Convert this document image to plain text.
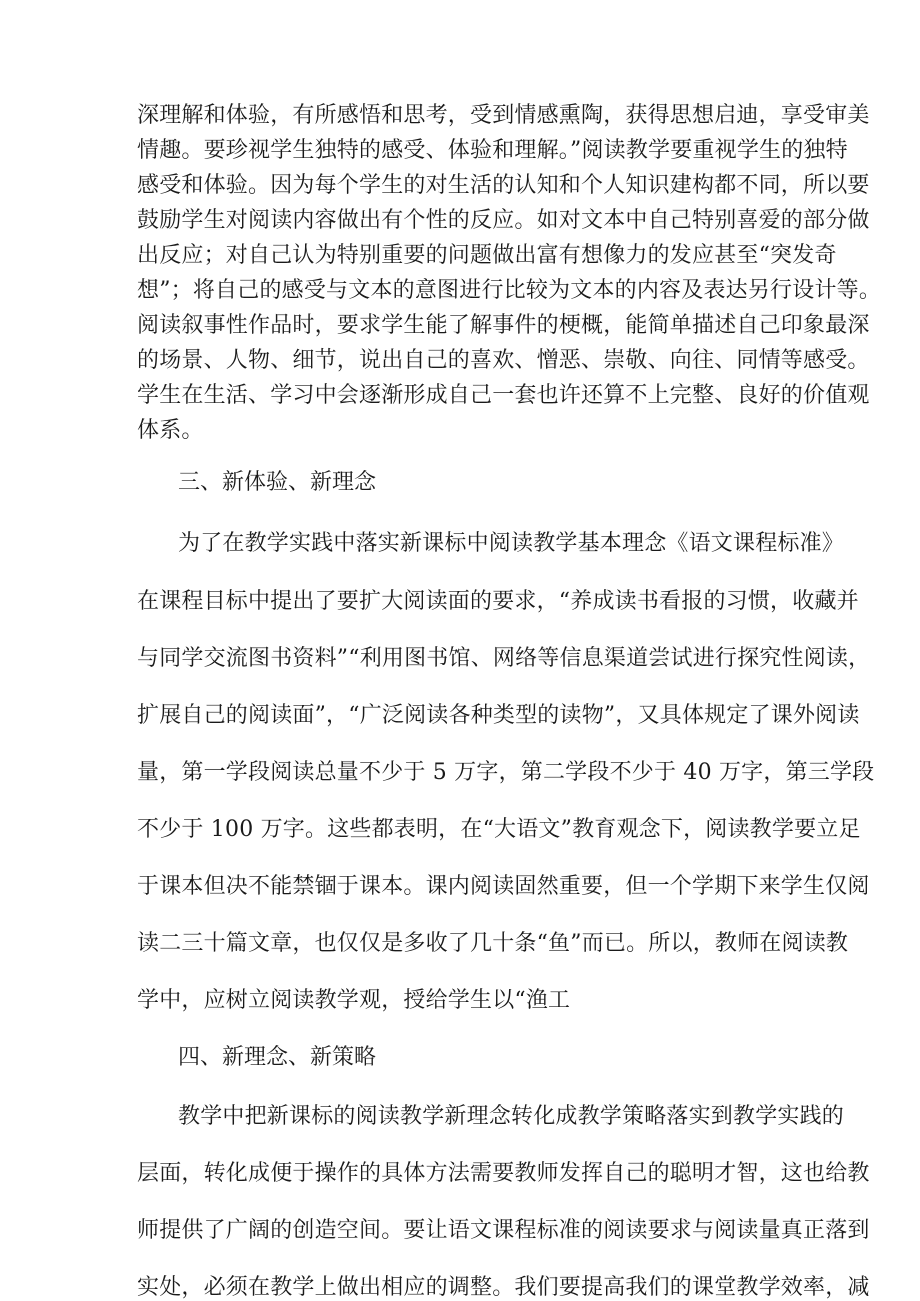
深理解和体验，有所感悟和思考，受到情感熏陶，获得思想启迪，享受审美
情趣。要珍视学生独特的感受、体验和理解。”阅读教学要重视学生的独特
感受和体验。因为每个学生的对生活的认知和个人知识建构都不同，所以要
鼓励学生对阅读内容做出有个性的反应。如对文本中自己特别喜爱的部分做
出反应；对自己认为特别重要的问题做出富有想像力的发应甚至“突发奇
想”；将自己的感受与文本的意图进行比较为文本的内容及表达另行设计等。
阅读叙事性作品时，要求学生能了解事件的梗概，能简单描述自己印象最深
的场景、人物、细节，说出自己的喜欢、憎恶、崇敬、向往、同情等感受。
学生在生活、学习中会逐渐形成自己一套也许还算不上完整、良好的价值观
体系。
三、新体验、新理念
为了在教学实践中落实新课标中阅读教学基本理念《语文课程标准》
在课程目标中提出了要扩大阅读面的要求，“养成读书看报的习惯，收藏并
与同学交流图书资料”“利用图书馆、网络等信息渠道尝试进行探究性阅读，
扩展自己的阅读面”，“广泛阅读各种类型的读物”，又具体规定了课外阅读
量，第一学段阅读总量不少于 5 万字，第二学段不少于 40 万字，第三学段
不少于 100 万字。这些都表明，在“大语文”教育观念下，阅读教学要立足
于课本但决不能禁锢于课本。课内阅读固然重要，但一个学期下来学生仅阅
读二三十篇文章，也仅仅是多收了几十条“鱼”而已。所以，教师在阅读教
学中，应树立阅读教学观，授给学生以“渔工
四、新理念、新策略
教学中把新课标的阅读教学新理念转化成教学策略落实到教学实践的
层面，转化成便于操作的具体方法需要教师发挥自己的聪明才智，这也给教
师提供了广阔的创造空间。要让语文课程标准的阅读要求与阅读量真正落到
实处，必须在教学上做出相应的调整。我们要提高我们的课堂教学效率，减
